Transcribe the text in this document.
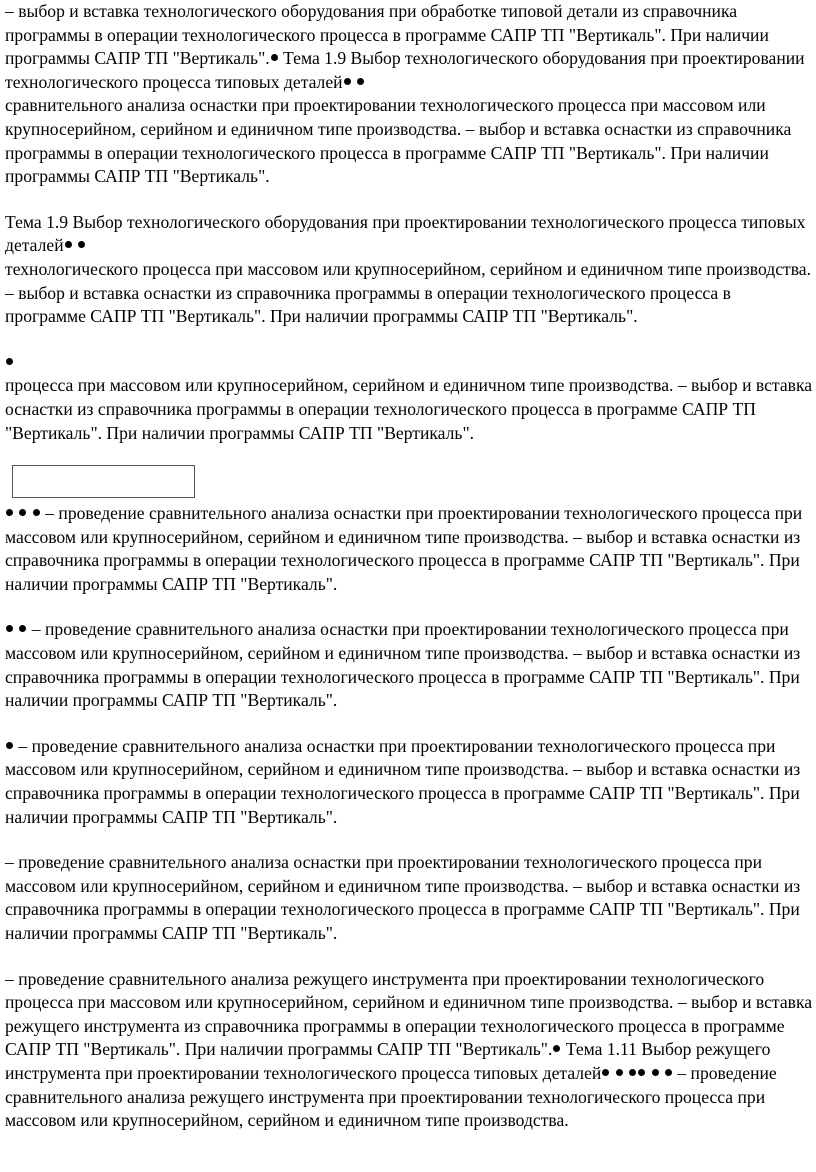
– выбор и вставка технологического оборудования при обработке типовой детали из справочника программы в операции технологического процесса в программе САПР ТП "Вертикаль". При наличии программы САПР ТП "Вертикаль". Тема 1.9 Выбор технологического оборудования при проектировании технологического процесса типовых деталей
сравнительного анализа оснастки при проектировании технологического процесса при массовом или крупносерийном, серийном и единичном типе производства. – выбор и вставка оснастки из справочника программы в операции технологического процесса в программе САПР ТП "Вертикаль". При наличии программы САПР ТП "Вертикаль".

Тема 1.9 Выбор технологического оборудования при проектировании технологического процесса типовых деталей
технологического процесса при массовом или крупносерийном, серийном и единичном типе производства. – выбор и вставка оснастки из справочника программы в операции технологического процесса в программе САПР ТП "Вертикаль". При наличии программы САПР ТП "Вертикаль".

процесса при массовом или крупносерийном, серийном и единичном типе производства. – выбор и вставка оснастки из справочника программы в операции технологического процесса в программе САПР ТП "Вертикаль". При наличии программы САПР ТП "Вертикаль".

– проведение сравнительного анализа оснастки при проектировании технологического процесса при массовом или крупносерийном, серийном и единичном типе производства. – выбор и вставка оснастки из справочника программы в операции технологического процесса в программе САПР ТП "Вертикаль". При наличии программы САПР ТП "Вертикаль".

– проведение сравнительного анализа оснастки при проектировании технологического процесса при массовом или крупносерийном, серийном и единичном типе производства. – выбор и вставка оснастки из справочника программы в операции технологического процесса в программе САПР ТП "Вертикаль". При наличии программы САПР ТП "Вертикаль".

– проведение сравнительного анализа оснастки при проектировании технологического процесса при массовом или крупносерийном, серийном и единичном типе производства. – выбор и вставка оснастки из справочника программы в операции технологического процесса в программе САПР ТП "Вертикаль". При наличии программы САПР ТП "Вертикаль".

– проведение сравнительного анализа оснастки при проектировании технологического процесса при массовом или крупносерийном, серийном и единичном типе производства. – выбор и вставка оснастки из справочника программы в операции технологического процесса в программе САПР ТП "Вертикаль". При наличии программы САПР ТП "Вертикаль".

– проведение сравнительного анализа режущего инструмента при проектировании технологического процесса при массовом или крупносерийном, серийном и единичном типе производства. – выбор и вставка режущего инструмента из справочника программы в операции технологического процесса в программе САПР ТП "Вертикаль". При наличии программы САПР ТП "Вертикаль". Тема 1.11 Выбор режущего инструмента при проектировании технологического процесса типовых деталей	– проведение сравнительного анализа режущего инструмента при проектировании технологического процесса при массовом или крупносерийном, серийном и единичном типе производства.
